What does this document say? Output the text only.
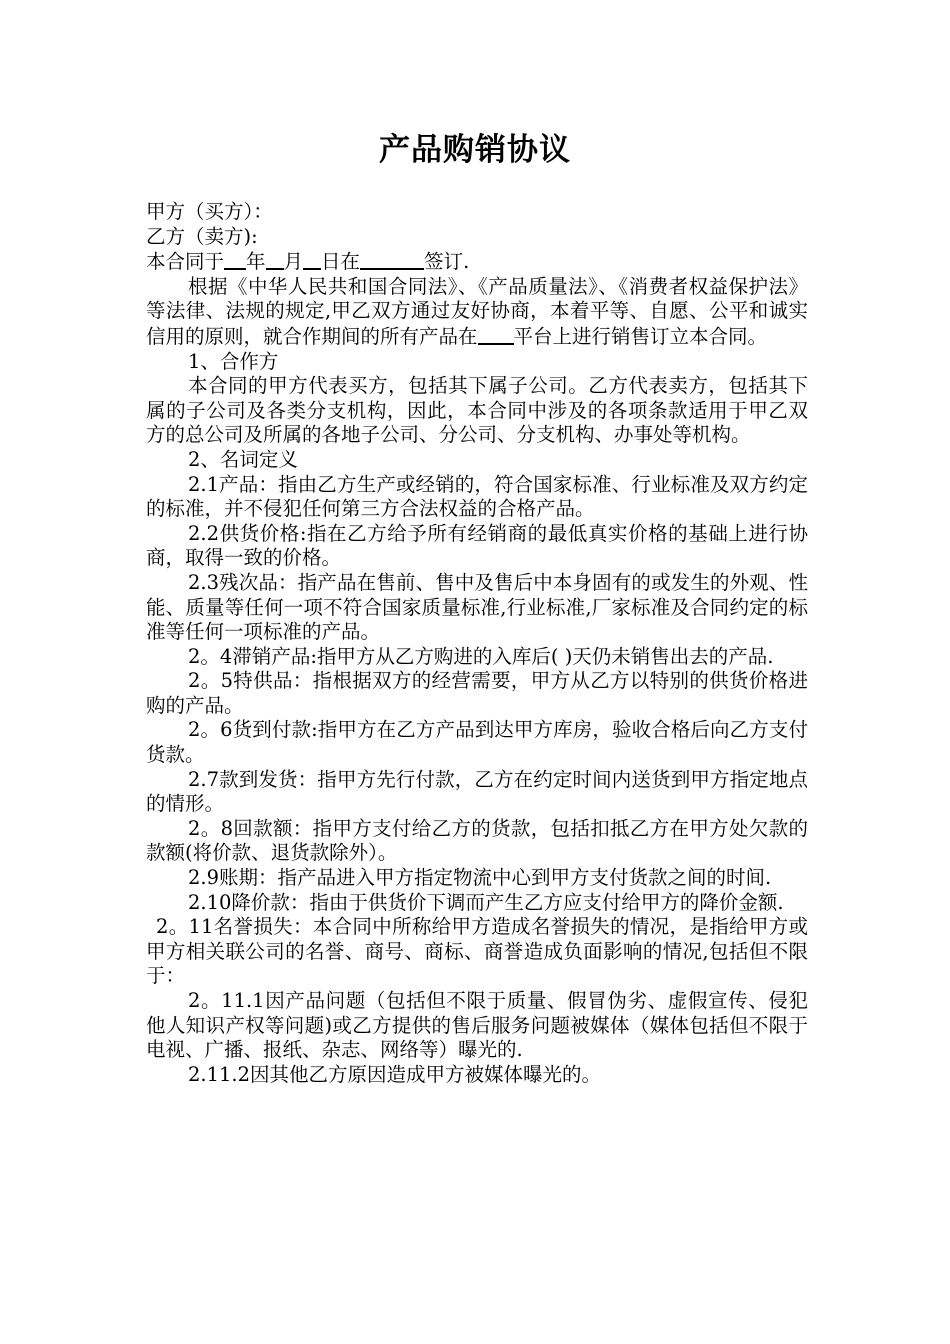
产品购销协议

甲方（买方）：

乙方（卖方):

本合同于 年 月 日在	签订.

根据《中华人民共和国合同法》、《产品质量法》、《消费者权益保护法》等法律、法规的规定,甲乙双方通过友好协商，本着平等、自愿、公平和诚实信用的原则，就合作期间的所有产品在 平台上进行销售订立本合同。

1、合作方

本合同的甲方代表买方，包括其下属子公司。乙方代表卖方，包括其下属的子公司及各类分支机构，因此，本合同中涉及的各项条款适用于甲乙双方的总公司及所属的各地子公司、分公司、分支机构、办事处等机构。

2、名词定义

2.1产品：指由乙方生产或经销的，符合国家标准、行业标准及双方约定的标准，并不侵犯任何第三方合法权益的合格产品。

2.2供货价格:指在乙方给予所有经销商的最低真实价格的基础上进行协商，取得一致的价格。

2.3残次品：指产品在售前、售中及售后中本身固有的或发生的外观、性能、质量等任何一项不符合国家质量标准,行业标准,厂家标准及合同约定的标准等任何一项标准的产品。

2。4滞销产品:指甲方从乙方购进的入库后( )天仍未销售出去的产品.

2。5特供品：指根据双方的经营需要，甲方从乙方以特别的供货价格进购的产品。

2。6货到付款:指甲方在乙方产品到达甲方库房，验收合格后向乙方支付货款。

2.7款到发货：指甲方先行付款，乙方在约定时间内送货到甲方指定地点的情形。

2。8回款额：指甲方支付给乙方的货款，包括扣抵乙方在甲方处欠款的款额(将价款、退货款除外）。

2.9账期：指产品进入甲方指定物流中心到甲方支付货款之间的时间.

2.10降价款：指由于供货价下调而产生乙方应支付给甲方的降价金额.

2。11名誉损失：本合同中所称给甲方造成名誉损失的情况，是指给甲方或甲方相关联公司的名誉、商号、商标、商誉造成负面影响的情况,包括但不限于：

2。11.1因产品问题（包括但不限于质量、假冒伪劣、虚假宣传、侵犯他人知识产权等问题)或乙方提供的售后服务问题被媒体（媒体包括但不限于电视、广播、报纸、杂志、网络等）曝光的.

2.11.2因其他乙方原因造成甲方被媒体曝光的。
